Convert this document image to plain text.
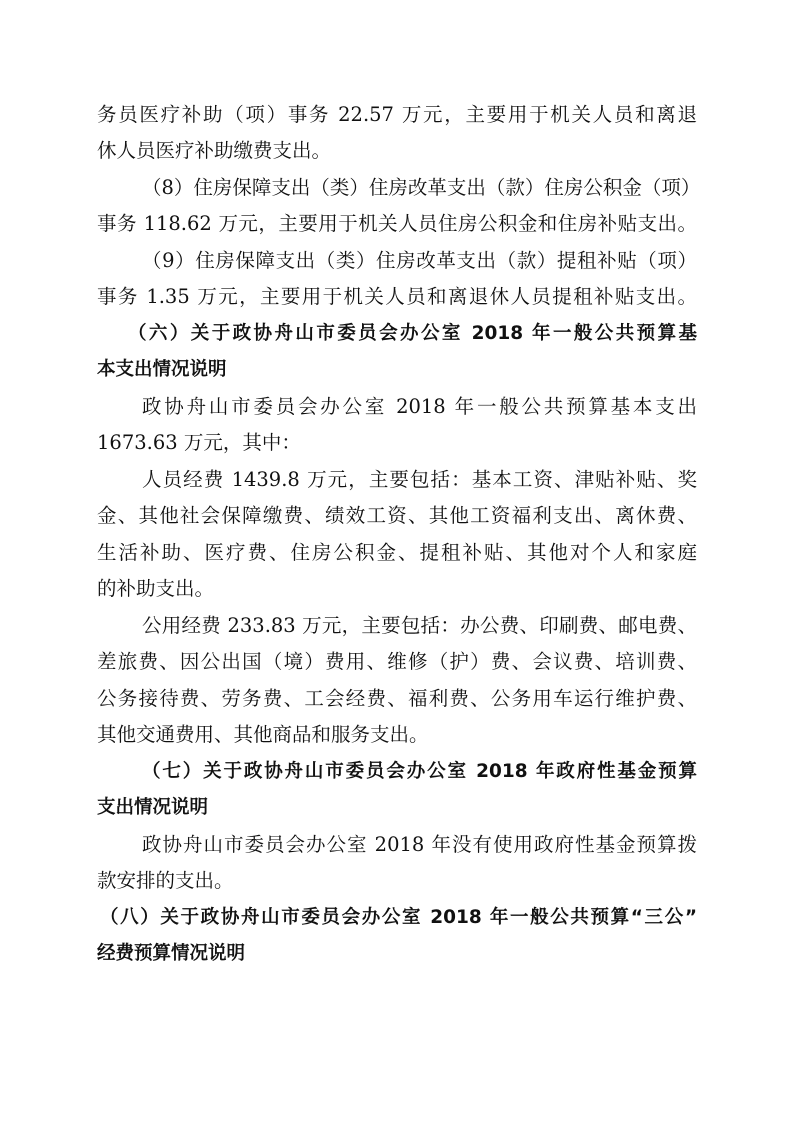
务员医疗补助（项）事务 22.57 万元，主要用于机关人员和离退
休人员医疗补助缴费支出。
（8）住房保障支出（类）住房改革支出（款）住房公积金（项）
事务 118.62 万元，主要用于机关人员住房公积金和住房补贴支出。
（9）住房保障支出（类）住房改革支出（款）提租补贴（项）
事务 1.35 万元，主要用于机关人员和离退休人员提租补贴支出。
（六）关于政协舟山市委员会办公室 2018 年一般公共预算基
本支出情况说明
政协舟山市委员会办公室 2018 年一般公共预算基本支出
1673.63 万元，其中：
人员经费 1439.8 万元，主要包括：基本工资、津贴补贴、奖
金、其他社会保障缴费、绩效工资、其他工资福利支出、离休费、
生活补助、医疗费、住房公积金、提租补贴、其他对个人和家庭
的补助支出。
公用经费 233.83 万元，主要包括：办公费、印刷费、邮电费、
差旅费、因公出国（境）费用、维修（护）费、会议费、培训费、
公务接待费、劳务费、工会经费、福利费、公务用车运行维护费、
其他交通费用、其他商品和服务支出。
（七）关于政协舟山市委员会办公室 2018 年政府性基金预算
支出情况说明
政协舟山市委员会办公室 2018 年没有使用政府性基金预算拨
款安排的支出。
（八）关于政协舟山市委员会办公室 2018 年一般公共预算“三公”
经费预算情况说明
